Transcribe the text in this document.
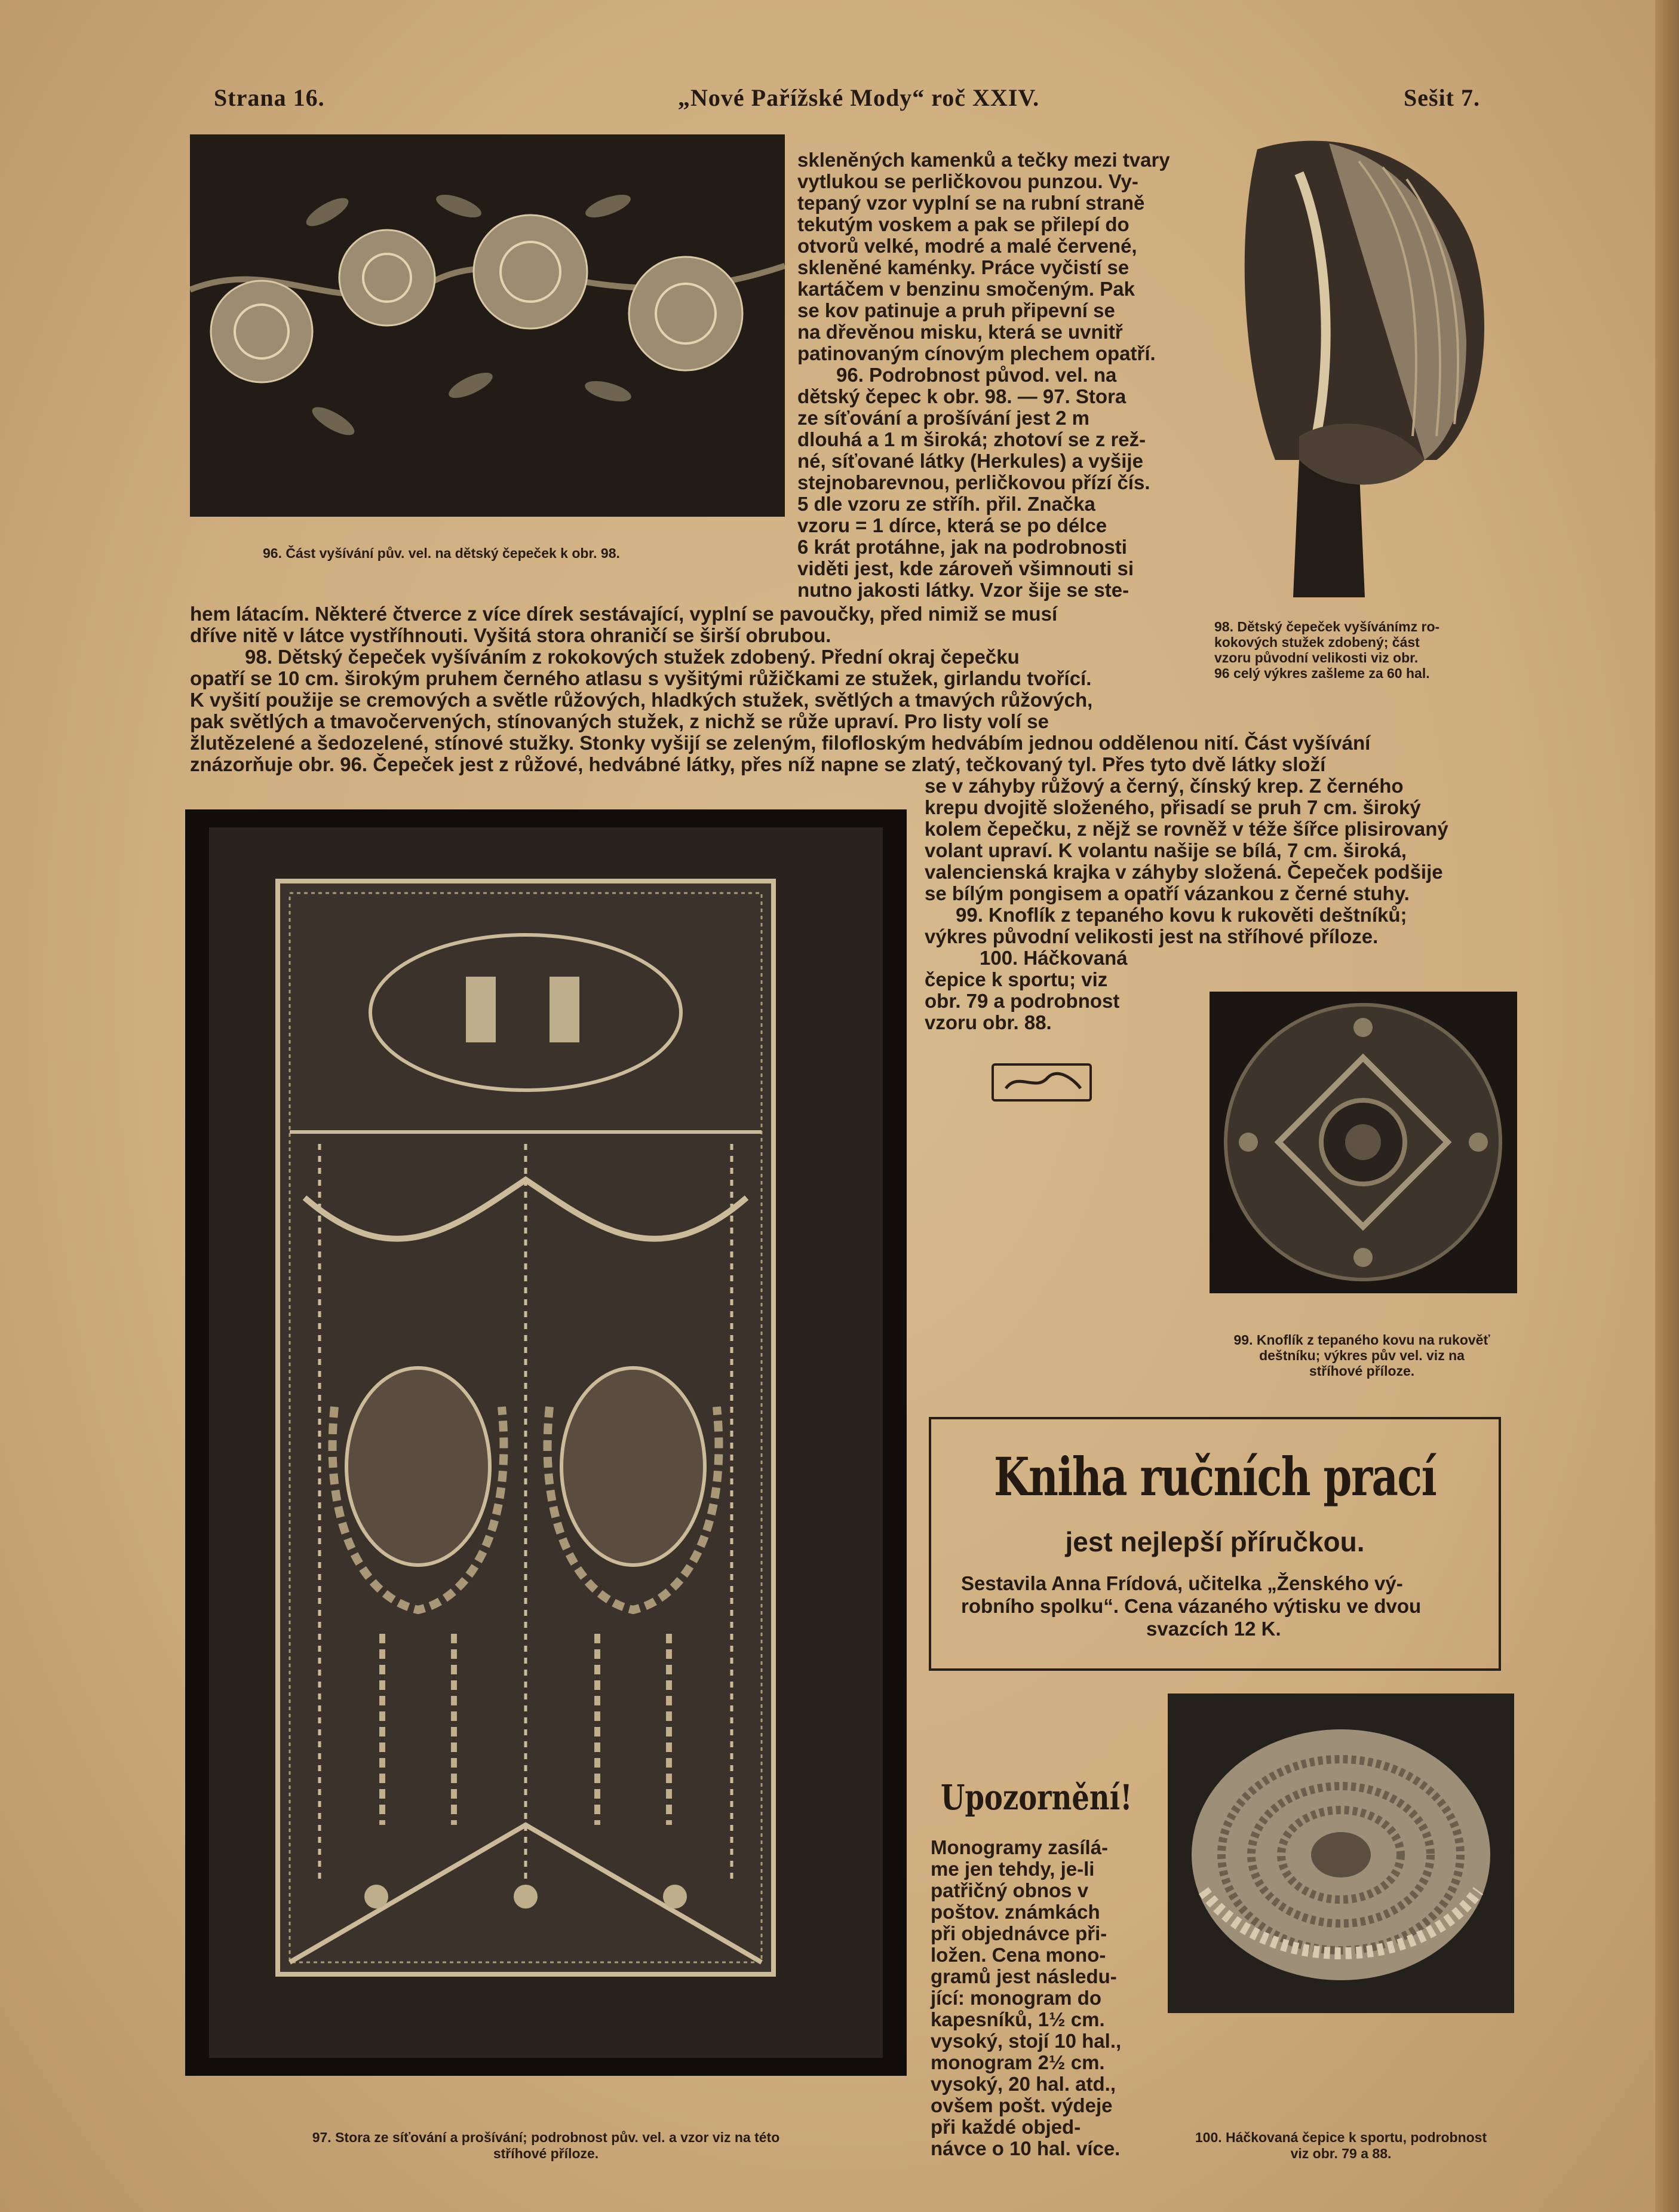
Strana 16.	„Nové Pařížské Mody“ roč XXIV.	Sešit 7.
96. Část vyšívání pův. vel. na dětský čepeček k obr. 98.
skleněných kamenků a tečky mezi tvary
vytlukou se perličkovou punzou. Vy-
tepaný vzor vyplní se na rubní straně
tekutým voskem a pak se přilepí do
otvorů velké, modré a malé červené,
skleněné kaménky. Práce vyčistí se
kartáčem v benzinu smočeným. Pak
se kov patinuje a pruh připevní se
na dřevěnou misku, která se uvnitř
patinovaným cínovým plechem opatří.
96. Podrobnost původ. vel. na
dětský čepec k obr. 98. — 97. Stora
ze síťování a prošívání jest 2 m
dlouhá a 1 m široká; zhotoví se z rež-
né, síťované látky (Herkules) a vyšije
stejnobarevnou, perličkovou přízí čís.
5 dle vzoru ze stříh. přil. Značka
vzoru = 1 dírce, která se po délce
6 krát protáhne, jak na podrobnosti
viděti jest, kde zároveň všimnouti si
nutno jakosti látky. Vzor šije se ste-
98. Dětský čepeček vyšívánímz ro-
kokových stužek zdobený; část
vzoru původní velikosti viz obr.
96 celý výkres zašleme za 60 hal.
hem látacím. Některé čtverce z více dírek sestávající, vyplní se pavoučky, před nimiž se musí
dříve nitě v látce vystříhnouti. Vyšitá stora ohraničí se širší obrubou.
98. Dětský čepeček vyšíváním z rokokových stužek zdobený. Přední okraj čepečku
opatří se 10 cm. širokým pruhem černého atlasu s vyšitými růžičkami ze stužek, girlandu tvořící.
K vyšití použije se cremových a světle růžových, hladkých stužek, světlých a tmavých růžových,
pak světlých a tmavočervených, stínovaných stužek, z nichž se růže upraví. Pro listy volí se
žlutězelené a šedozelené, stínové stužky. Stonky vyšijí se zeleným, filofloským hedvábím jednou oddělenou nití. Část vyšívání
znázorňuje obr. 96. Čepeček jest z růžové, hedvábné látky, přes níž napne se zlatý, tečkovaný tyl. Přes tyto dvě látky složí
se v záhyby růžový a černý, čínský krep. Z černého
krepu dvojitě složeného, přisadí se pruh 7 cm. široký
kolem čepečku, z nějž se rovněž v téže šířce plisirovaný
volant upraví. K volantu našije se bílá, 7 cm. široká,
valencienská krajka v záhyby složená. Čepeček podšije
se bílým pongisem a opatří vázankou z černé stuhy.
99. Knoflík z tepaného kovu k rukověti deštníků;
výkres původní velikosti jest na stříhové příloze.
100. Háčkovaná
čepice k sportu; viz
obr. 79 a podrobnost
vzoru obr. 88.
97. Stora ze síťování a prošívání; podrobnost pův. vel. a vzor viz na této
stříhové příloze.
99. Knoflík z tepaného kovu na rukověť
deštníku; výkres pův vel. viz na
stříhové příloze.
Kniha ručních prací
jest nejlepší příručkou.
Sestavila Anna Frídová, učitelka „Ženského vý-
robního spolku“. Cena vázaného výtisku ve dvou
svazcích 12 K.
Upozornění!
Monogramy zasílá-
me jen tehdy, je-li
patřičný obnos v
poštov. známkách
při objednávce při-
ložen. Cena mono-
gramů jest následu-
jící: monogram do
kapesníků, 1½ cm.
vysoký, stojí 10 hal.,
monogram 2½ cm.
vysoký, 20 hal. atd.,
ovšem pošt. výdeje
při každé objed-
návce o 10 hal. více.	100. Háčkovaná čepice k sportu, podrobnost
viz obr. 79 a 88.
